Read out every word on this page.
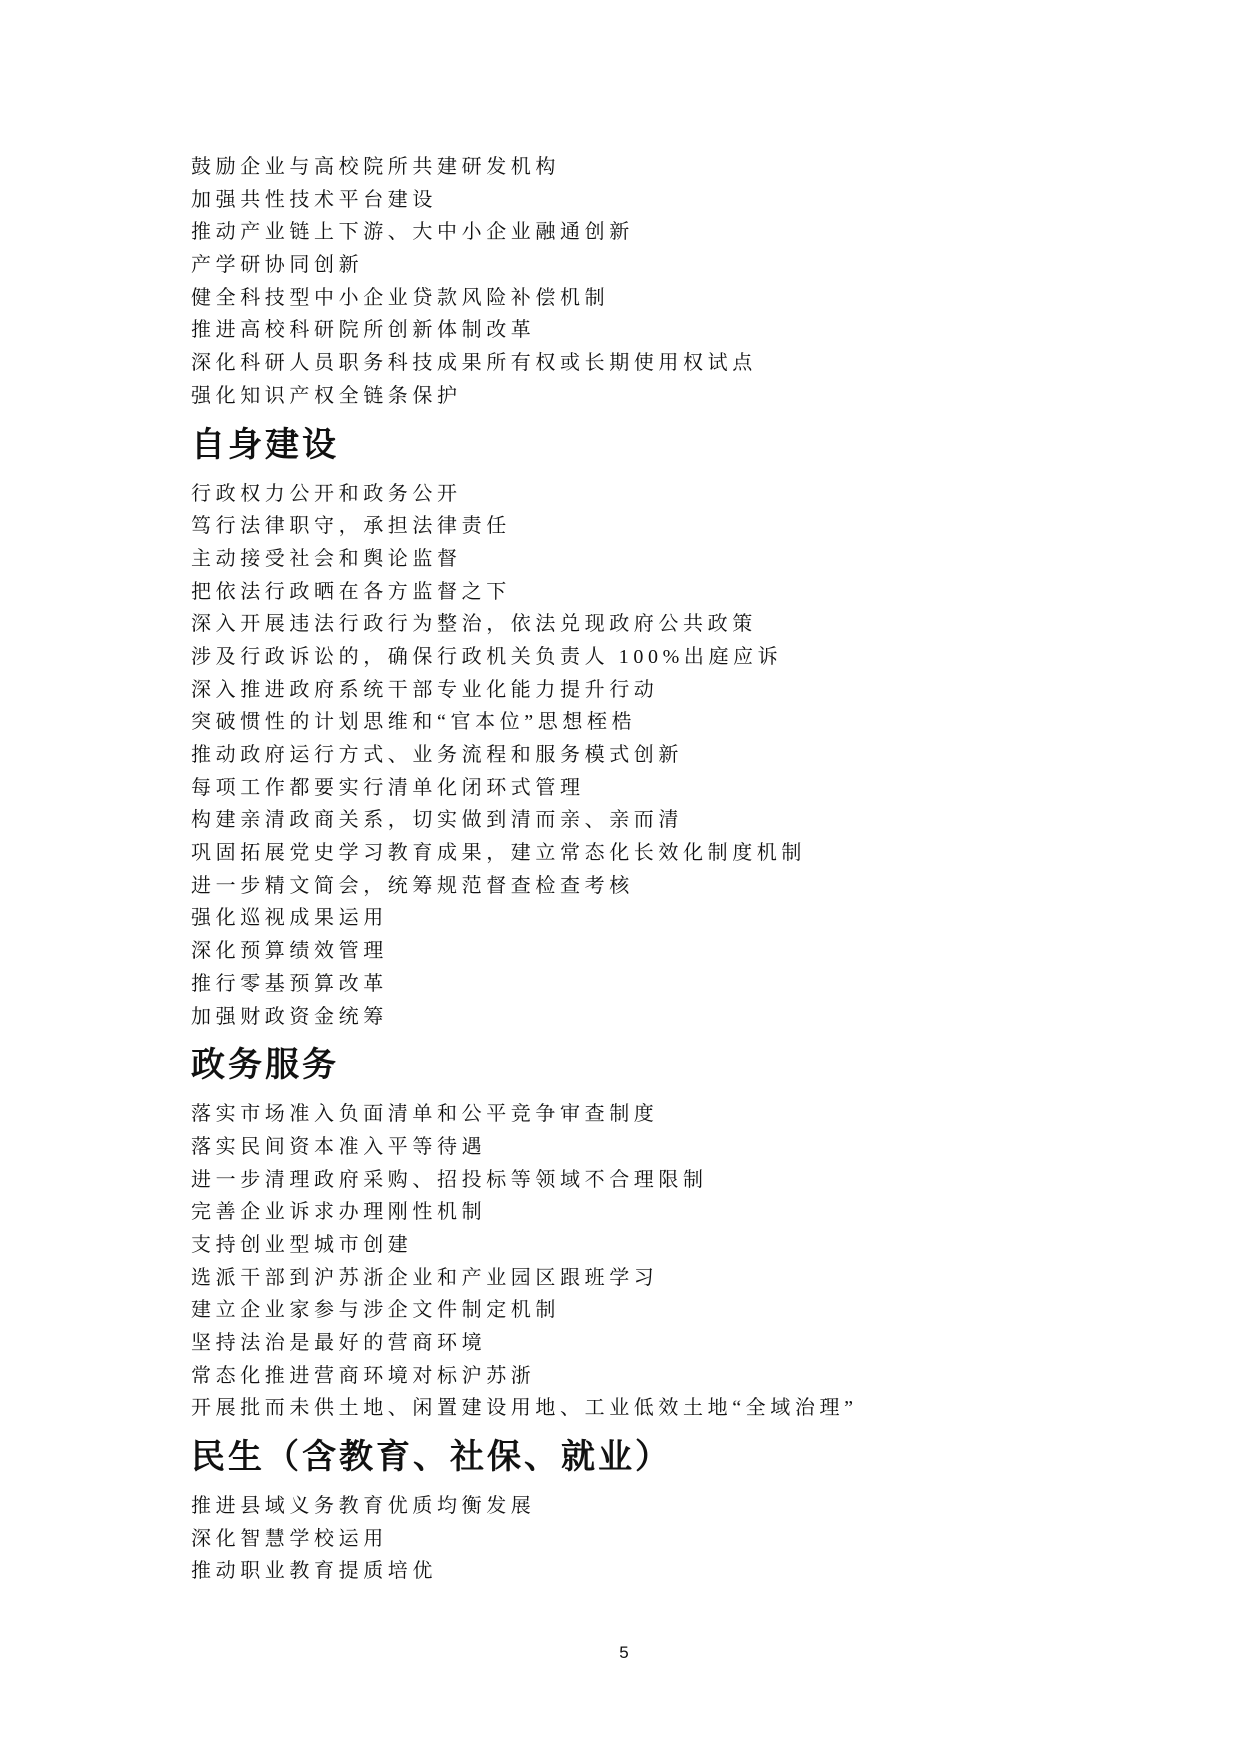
鼓励企业与高校院所共建研发机构
加强共性技术平台建设
推动产业链上下游、大中小企业融通创新
产学研协同创新
健全科技型中小企业贷款风险补偿机制
推进高校科研院所创新体制改革
深化科研人员职务科技成果所有权或长期使用权试点
强化知识产权全链条保护
自身建设
行政权力公开和政务公开
笃行法律职守，承担法律责任
主动接受社会和舆论监督
把依法行政晒在各方监督之下
深入开展违法行政行为整治，依法兑现政府公共政策
涉及行政诉讼的，确保行政机关负责人 100%出庭应诉
深入推进政府系统干部专业化能力提升行动
突破惯性的计划思维和“官本位”思想桎梏
推动政府运行方式、业务流程和服务模式创新
每项工作都要实行清单化闭环式管理
构建亲清政商关系，切实做到清而亲、亲而清
巩固拓展党史学习教育成果，建立常态化长效化制度机制
进一步精文简会，统筹规范督查检查考核
强化巡视成果运用
深化预算绩效管理
推行零基预算改革
加强财政资金统筹
政务服务
落实市场准入负面清单和公平竞争审查制度
落实民间资本准入平等待遇
进一步清理政府采购、招投标等领域不合理限制
完善企业诉求办理刚性机制
支持创业型城市创建
选派干部到沪苏浙企业和产业园区跟班学习
建立企业家参与涉企文件制定机制
坚持法治是最好的营商环境
常态化推进营商环境对标沪苏浙
开展批而未供土地、闲置建设用地、工业低效土地“全域治理”
民生（含教育、社保、就业）
推进县域义务教育优质均衡发展
深化智慧学校运用
推动职业教育提质培优
5
